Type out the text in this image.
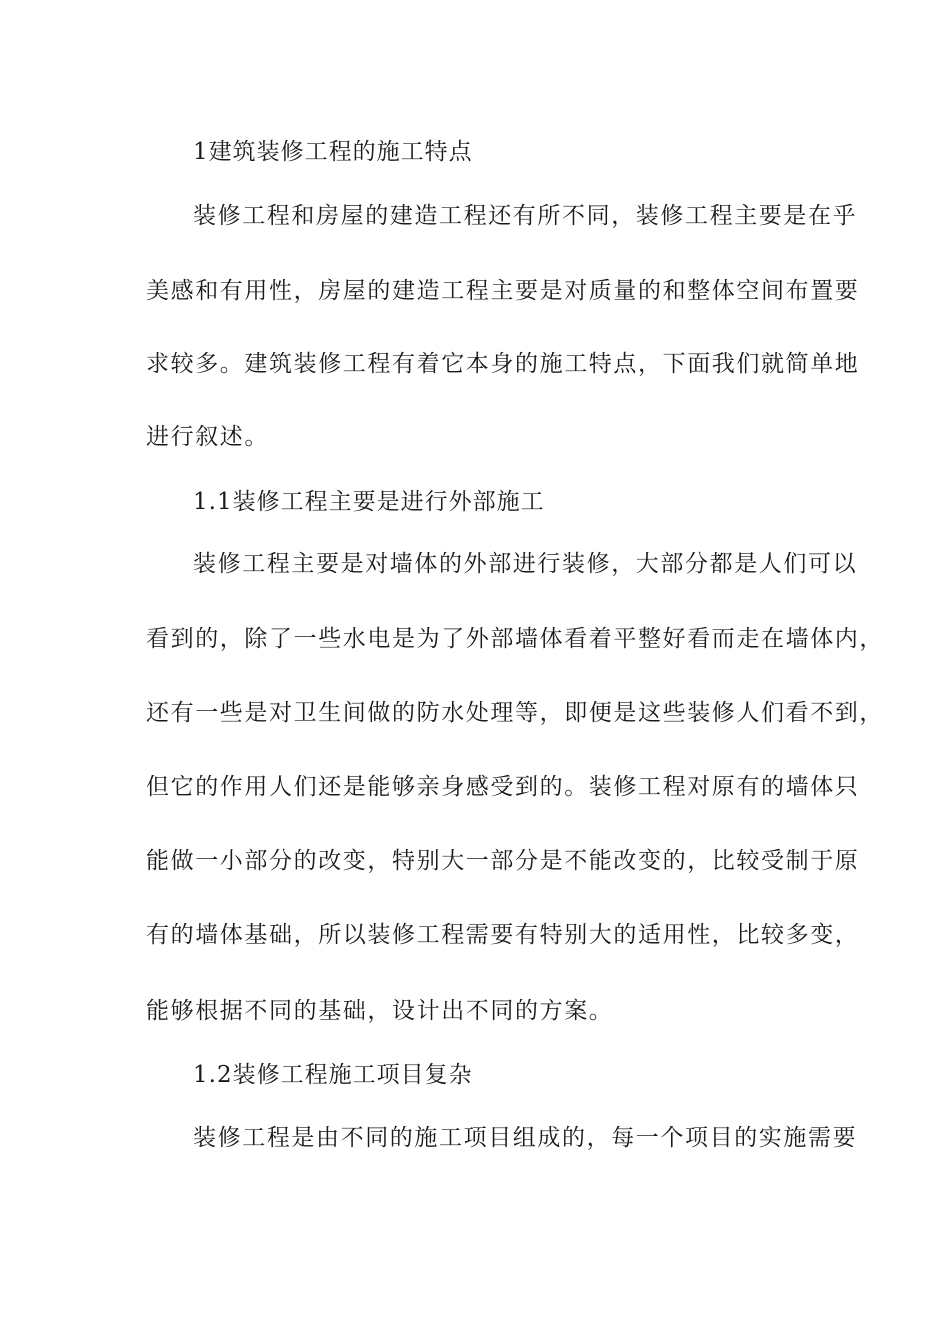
1建筑装修工程的施工特点
装修工程和房屋的建造工程还有所不同，装修工程主要是在乎
美感和有用性，房屋的建造工程主要是对质量的和整体空间布置要
求较多。建筑装修工程有着它本身的施工特点，下面我们就简单地
进行叙述。
1.1装修工程主要是进行外部施工
装修工程主要是对墙体的外部进行装修，大部分都是人们可以
看到的，除了一些水电是为了外部墙体看着平整好看而走在墙体内，
还有一些是对卫生间做的防水处理等，即便是这些装修人们看不到，
但它的作用人们还是能够亲身感受到的。装修工程对原有的墙体只
能做一小部分的改变，特别大一部分是不能改变的，比较受制于原
有的墙体基础，所以装修工程需要有特别大的适用性，比较多变，
能够根据不同的基础，设计出不同的方案。
1.2装修工程施工项目复杂
装修工程是由不同的施工项目组成的，每一个项目的实施需要
